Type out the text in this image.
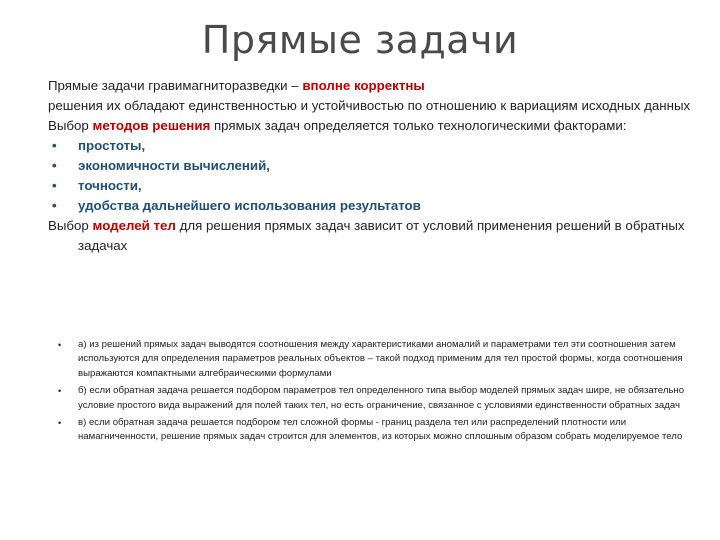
Прямые задачи

Прямые задачи гравимагниторазведки – вполне корректны

решения их обладают единственностью и устойчивостью по отношению к вариациям исходных данных

Выбор методов решения прямых задач определяется только технологическими факторами:

• простоты,

• экономичности вычислений,

• точности,

• удобства дальнейшего использования результатов

Выбор моделей тел для решения прямых задач зависит от условий применения решений в обратных задачах

• а) из решений прямых задач выводятся соотношения между характеристиками аномалий и параметрами тел эти соотношения затем используются для определения параметров реальных объектов – такой подход применим для тел простой формы, когда соотношения выражаются компактными алгебраическими формулами
• б) если обратная задача решается подбором параметров тел определенного типа выбор моделей прямых задач шире, не обязательно условие простого вида выражений для полей таких тел, но есть ограничение, связанное с условиями единственности обратных задач
• в) если обратная задача решается подбором тел сложной формы - границ раздела тел или распределений плотности или намагниченности, решение прямых задач строится для элементов, из которых можно сплошным образом собрать моделируемое тело
